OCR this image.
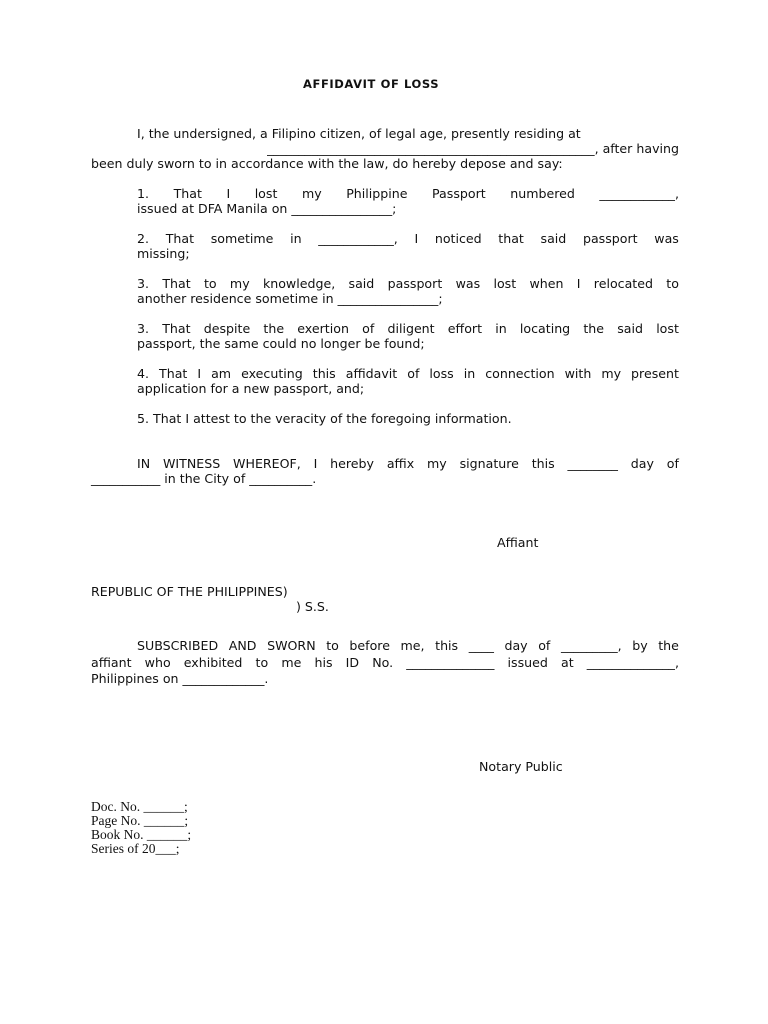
AFFIDAVIT OF LOSS
I, the undersigned, a Filipino citizen, of legal age, presently residing at
____________________________________________________, after having
been duly sworn to in accordance with the law, do hereby depose and say:
1. That I lost my Philippine Passport numbered ____________,
issued at DFA Manila on ________________;
2. That sometime in ____________, I noticed that said passport was
missing;
3. That to my knowledge, said passport was lost when I relocated to
another residence sometime in ________________;
3. That despite the exertion of diligent effort in locating the said lost
passport, the same could no longer be found;
4. That I am executing this affidavit of loss in connection with my present
application for a new passport, and;
5. That I attest to the veracity of the foregoing information.
IN WITNESS WHEREOF, I hereby affix my signature this ________ day of
___________ in the City of __________.
Affiant
REPUBLIC OF THE PHILIPPINES)
) S.S.
SUBSCRIBED AND SWORN to before me, this ____ day of _________, by the
affiant who exhibited to me his ID No. ______________ issued at ______________,
Philippines on _____________.
Notary Public
Doc. No. ______;
Page No. ______;
Book No. ______;
Series of 20___;
